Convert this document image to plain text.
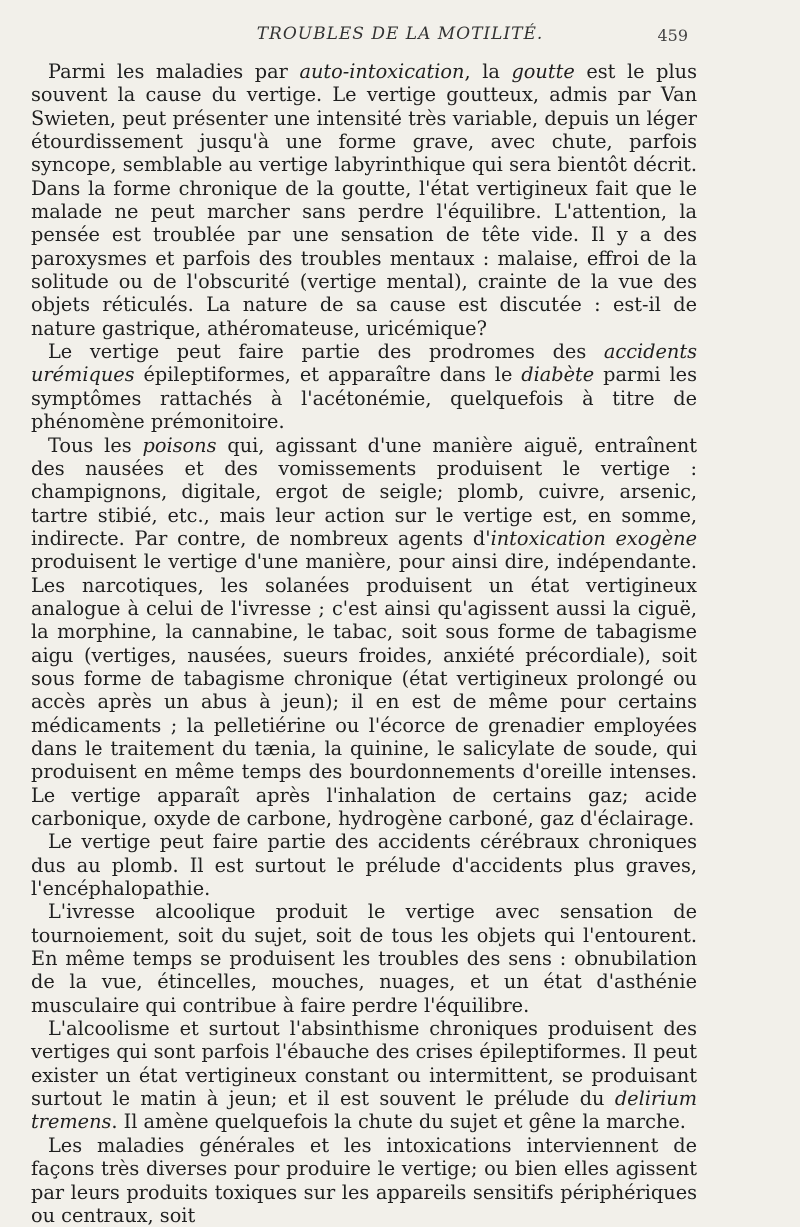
TROUBLES DE LA MOTILITÉ.	459

Parmi les maladies par auto-intoxication, la goutte est le plus souvent la cause du vertige. Le vertige goutteux, admis par Van Swieten, peut présenter une intensité très variable, depuis un léger étourdissement jusqu'à une forme grave, avec chute, parfois syncope, semblable au vertige labyrinthique qui sera bientôt décrit. Dans la forme chronique de la goutte, l'état vertigineux fait que le malade ne peut marcher sans perdre l'équilibre. L'attention, la pensée est troublée par une sensation de tête vide. Il y a des paroxysmes et parfois des troubles mentaux : malaise, effroi de la solitude ou de l'obscurité (vertige mental), crainte de la vue des objets réticulés. La nature de sa cause est discutée : est-il de nature gastrique, athéromateuse, uricémique?

Le vertige peut faire partie des prodromes des accidents urémiques épileptiformes, et apparaître dans le diabète parmi les symptômes rattachés à l'acétonémie, quelquefois à titre de phénomène prémonitoire.

Tous les poisons qui, agissant d'une manière aiguë, entraînent des nausées et des vomissements produisent le vertige : champignons, digitale, ergot de seigle; plomb, cuivre, arsenic, tartre stibié, etc., mais leur action sur le vertige est, en somme, indirecte. Par contre, de nombreux agents d'intoxication exogène produisent le vertige d'une manière, pour ainsi dire, indépendante. Les narcotiques, les solanées produisent un état vertigineux analogue à celui de l'ivresse ; c'est ainsi qu'agissent aussi la ciguë, la morphine, la cannabine, le tabac, soit sous forme de tabagisme aigu (vertiges, nausées, sueurs froides, anxiété précordiale), soit sous forme de tabagisme chronique (état vertigineux prolongé ou accès après un abus à jeun); il en est de même pour certains médicaments ; la pelletiérine ou l'écorce de grenadier employées dans le traitement du tænia, la quinine, le salicylate de soude, qui produisent en même temps des bourdonnements d'oreille intenses. Le vertige apparaît après l'inhalation de certains gaz; acide carbonique, oxyde de carbone, hydrogène carboné, gaz d'éclairage.

Le vertige peut faire partie des accidents cérébraux chroniques dus au plomb. Il est surtout le prélude d'accidents plus graves, l'encéphalopathie.

L'ivresse alcoolique produit le vertige avec sensation de tournoiement, soit du sujet, soit de tous les objets qui l'entourent. En même temps se produisent les troubles des sens : obnubilation de la vue, étincelles, mouches, nuages, et un état d'asthénie musculaire qui contribue à faire perdre l'équilibre.

L'alcoolisme et surtout l'absinthisme chroniques produisent des vertiges qui sont parfois l'ébauche des crises épileptiformes. Il peut exister un état vertigineux constant ou intermittent, se produisant surtout le matin à jeun; et il est souvent le prélude du delirium tremens. Il amène quelquefois la chute du sujet et gêne la marche.

Les maladies générales et les intoxications interviennent de façons très diverses pour produire le vertige; ou bien elles agissent par leurs produits toxiques sur les appareils sensitifs périphériques ou centraux, soit
